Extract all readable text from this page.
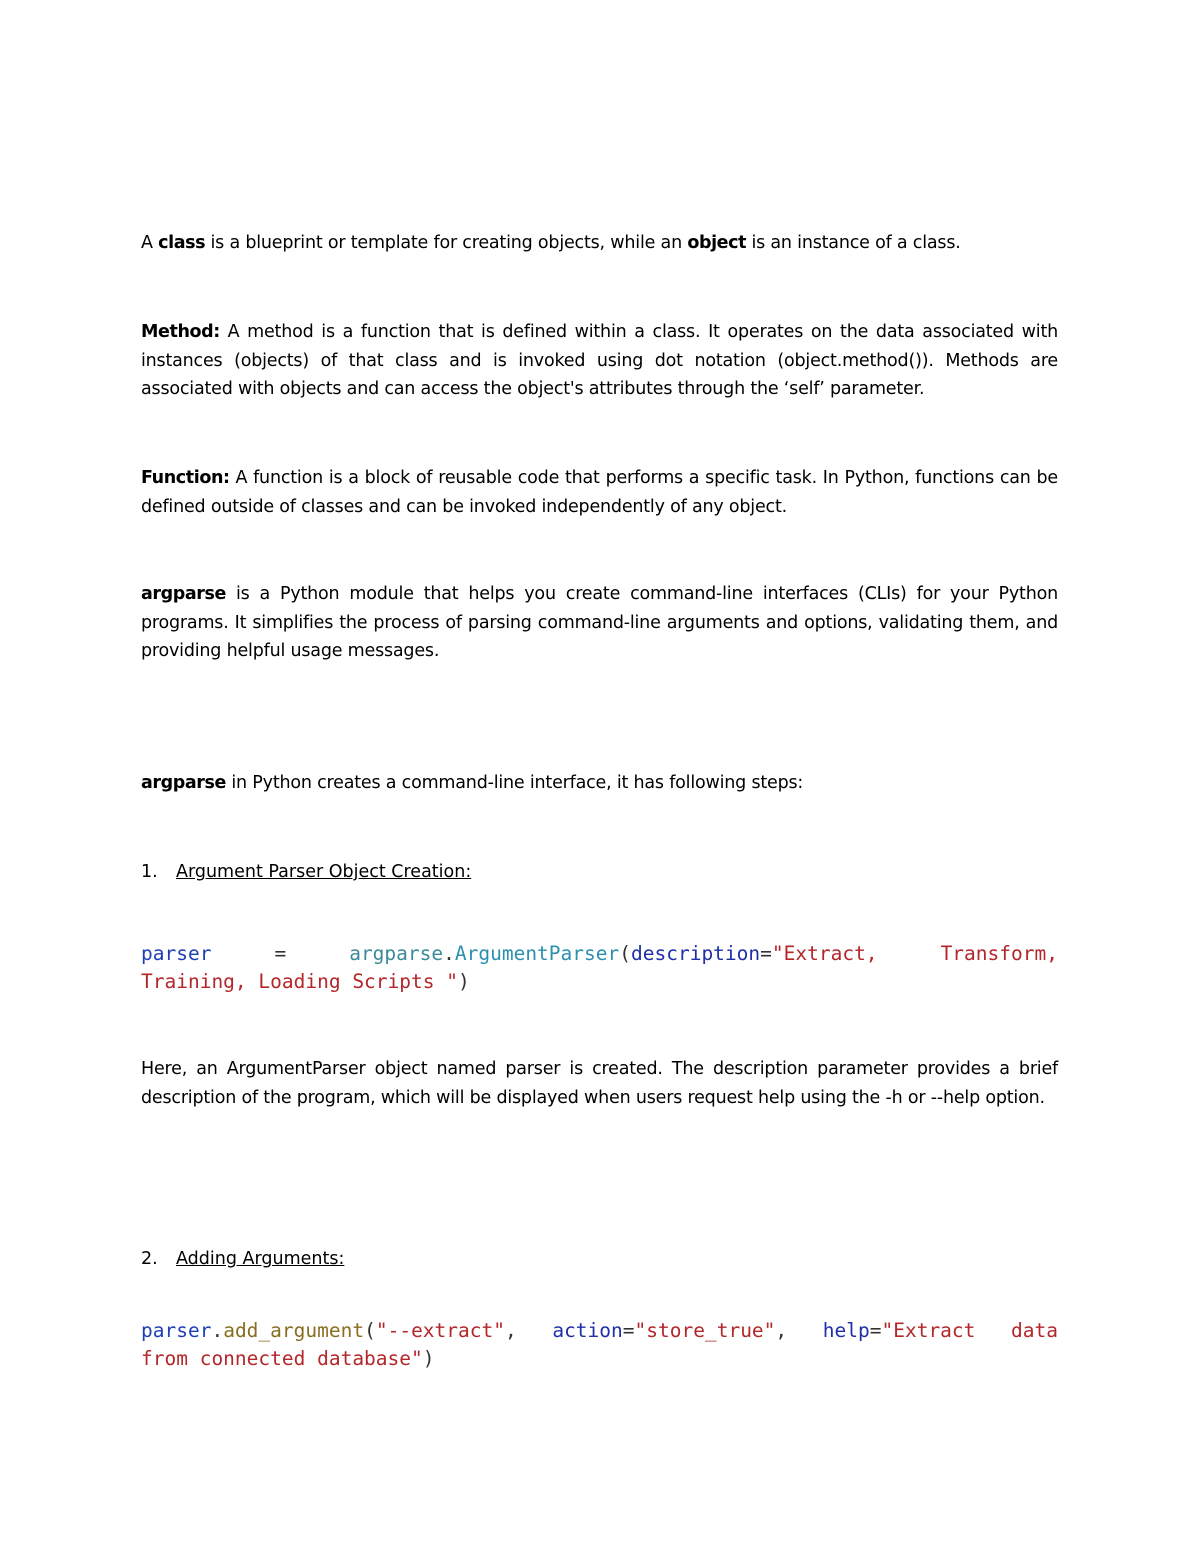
A class is a blueprint or template for creating objects, while an object is an instance of a class.
Method: A method is a function that is defined within a class. It operates on the data associated with instances (objects) of that class and is invoked using dot notation (object.method()). Methods are associated with objects and can access the object's attributes through the ‘self’ parameter.
Function: A function is a block of reusable code that performs a specific task. In Python, functions can be defined outside of classes and can be invoked independently of any object.
argparse is a Python module that helps you create command-line interfaces (CLIs) for your Python programs. It simplifies the process of parsing command-line arguments and options, validating them, and providing helpful usage messages.
argparse in Python creates a command-line interface, it has following steps:
1. Argument Parser Object Creation:
parser	=	argparse.ArgumentParser(description="Extract,	Transform,
Training, Loading Scripts " )
Here, an ArgumentParser object named parser is created. The description parameter provides a brief description of the program, which will be displayed when users request help using the -h or --help option.
2. Adding Arguments:
parser.add_argument("--extract", action="store_true", help="Extract data
from connected database" )
